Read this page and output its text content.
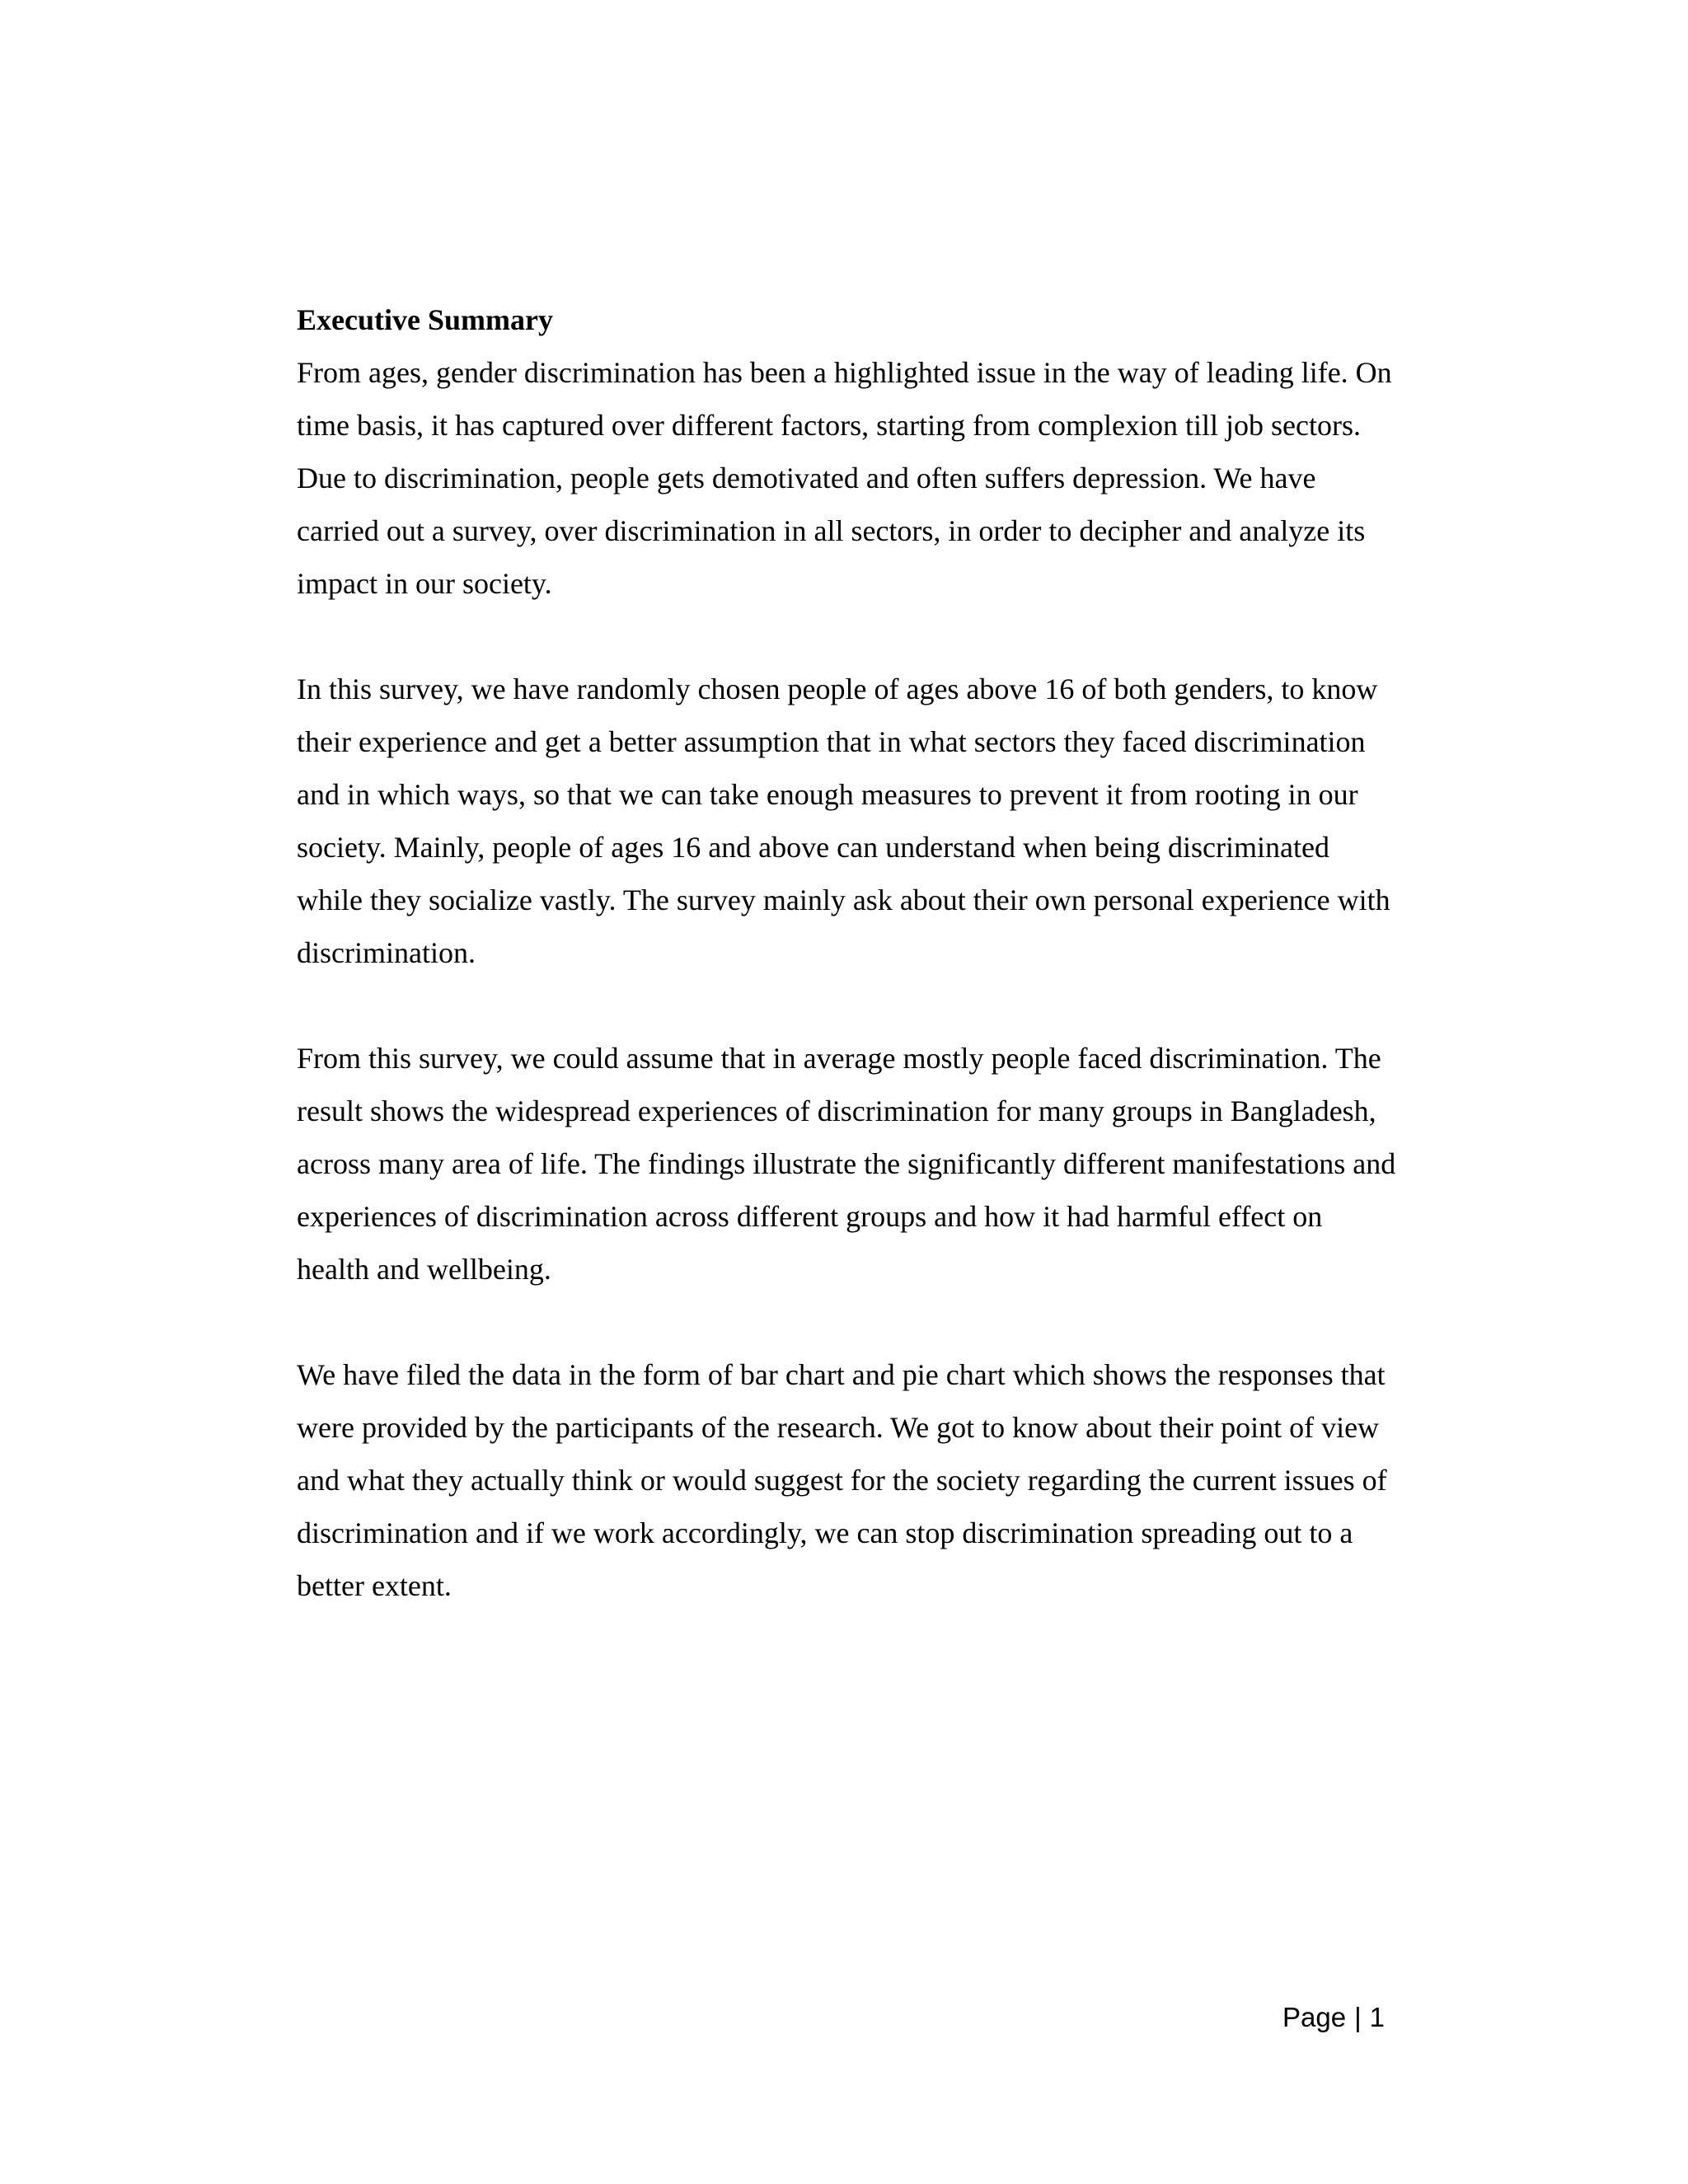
Executive Summary

From ages, gender discrimination has been a highlighted issue in the way of leading life. On time basis, it has captured over different factors, starting from complexion till job sectors. Due to discrimination, people gets demotivated and often suffers depression. We have carried out a survey, over discrimination in all sectors, in order to decipher and analyze its impact in our society.

In this survey, we have randomly chosen people of ages above 16 of both genders, to know their experience and get a better assumption that in what sectors they faced discrimination and in which ways, so that we can take enough measures to prevent it from rooting in our society. Mainly, people of ages 16 and above can understand when being discriminated while they socialize vastly. The survey mainly ask about their own personal experience with discrimination.

From this survey, we could assume that in average mostly people faced discrimination. The result shows the widespread experiences of discrimination for many groups in Bangladesh, across many area of life. The findings illustrate the significantly different manifestations and experiences of discrimination across different groups and how it had harmful effect on health and wellbeing.

We have filed the data in the form of bar chart and pie chart which shows the responses that were provided by the participants of the research. We got to know about their point of view and what they actually think or would suggest for the society regarding the current issues of discrimination and if we work accordingly, we can stop discrimination spreading out to a better extent.

Page | 1
